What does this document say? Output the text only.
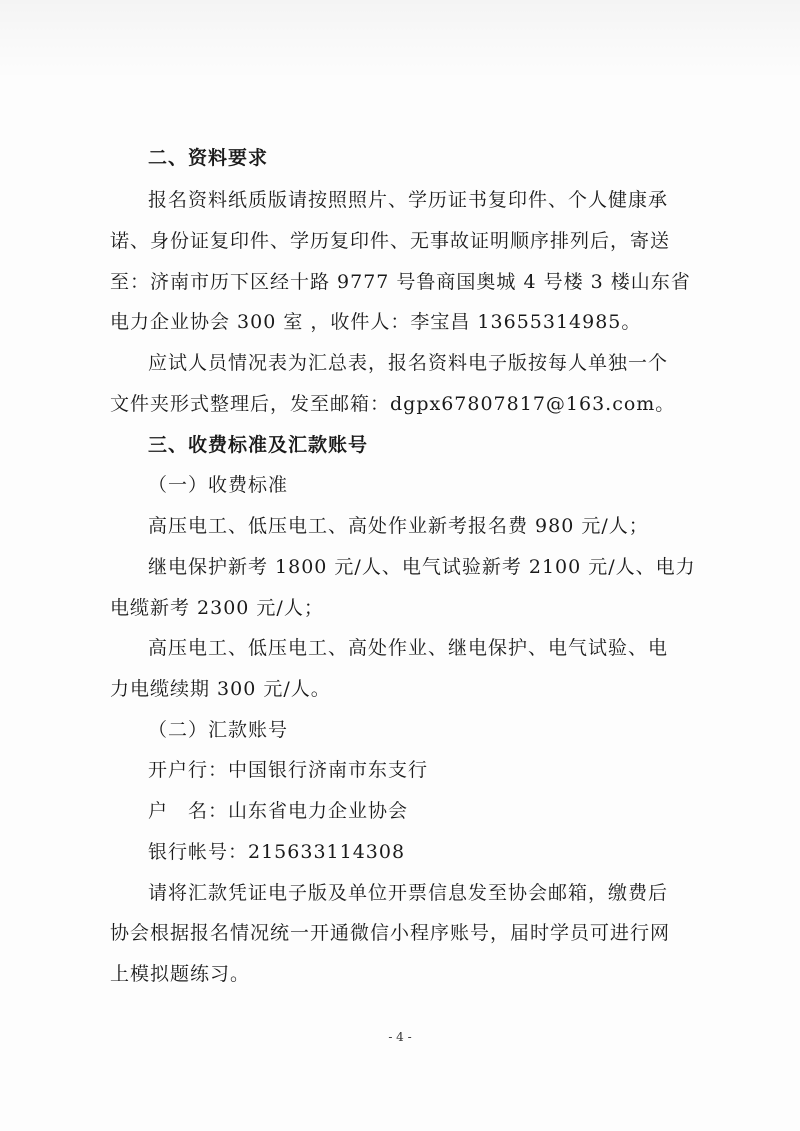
二、资料要求
报名资料纸质版请按照照片、学历证书复印件、个人健康承
诺、身份证复印件、学历复印件、无事故证明顺序排列后，寄送
至：济南市历下区经十路 9777 号鲁商国奥城 4 号楼 3 楼山东省
电力企业协会 300 室 ，收件人：李宝昌 13655314985。
应试人员情况表为汇总表，报名资料电子版按每人单独一个
文件夹形式整理后，发至邮箱：dgpx67807817@163.com。
三、收费标准及汇款账号
（一）收费标准
高压电工、低压电工、高处作业新考报名费 980 元/人；
继电保护新考 1800 元/人、电气试验新考 2100 元/人、电力
电缆新考 2300 元/人；
高压电工、低压电工、高处作业、继电保护、电气试验、电
力电缆续期 300 元/人。
（二）汇款账号
开户行：中国银行济南市东支行
户　名：山东省电力企业协会
银行帐号：215633114308
请将汇款凭证电子版及单位开票信息发至协会邮箱，缴费后
协会根据报名情况统一开通微信小程序账号，届时学员可进行网
上模拟题练习。
- 4 -
